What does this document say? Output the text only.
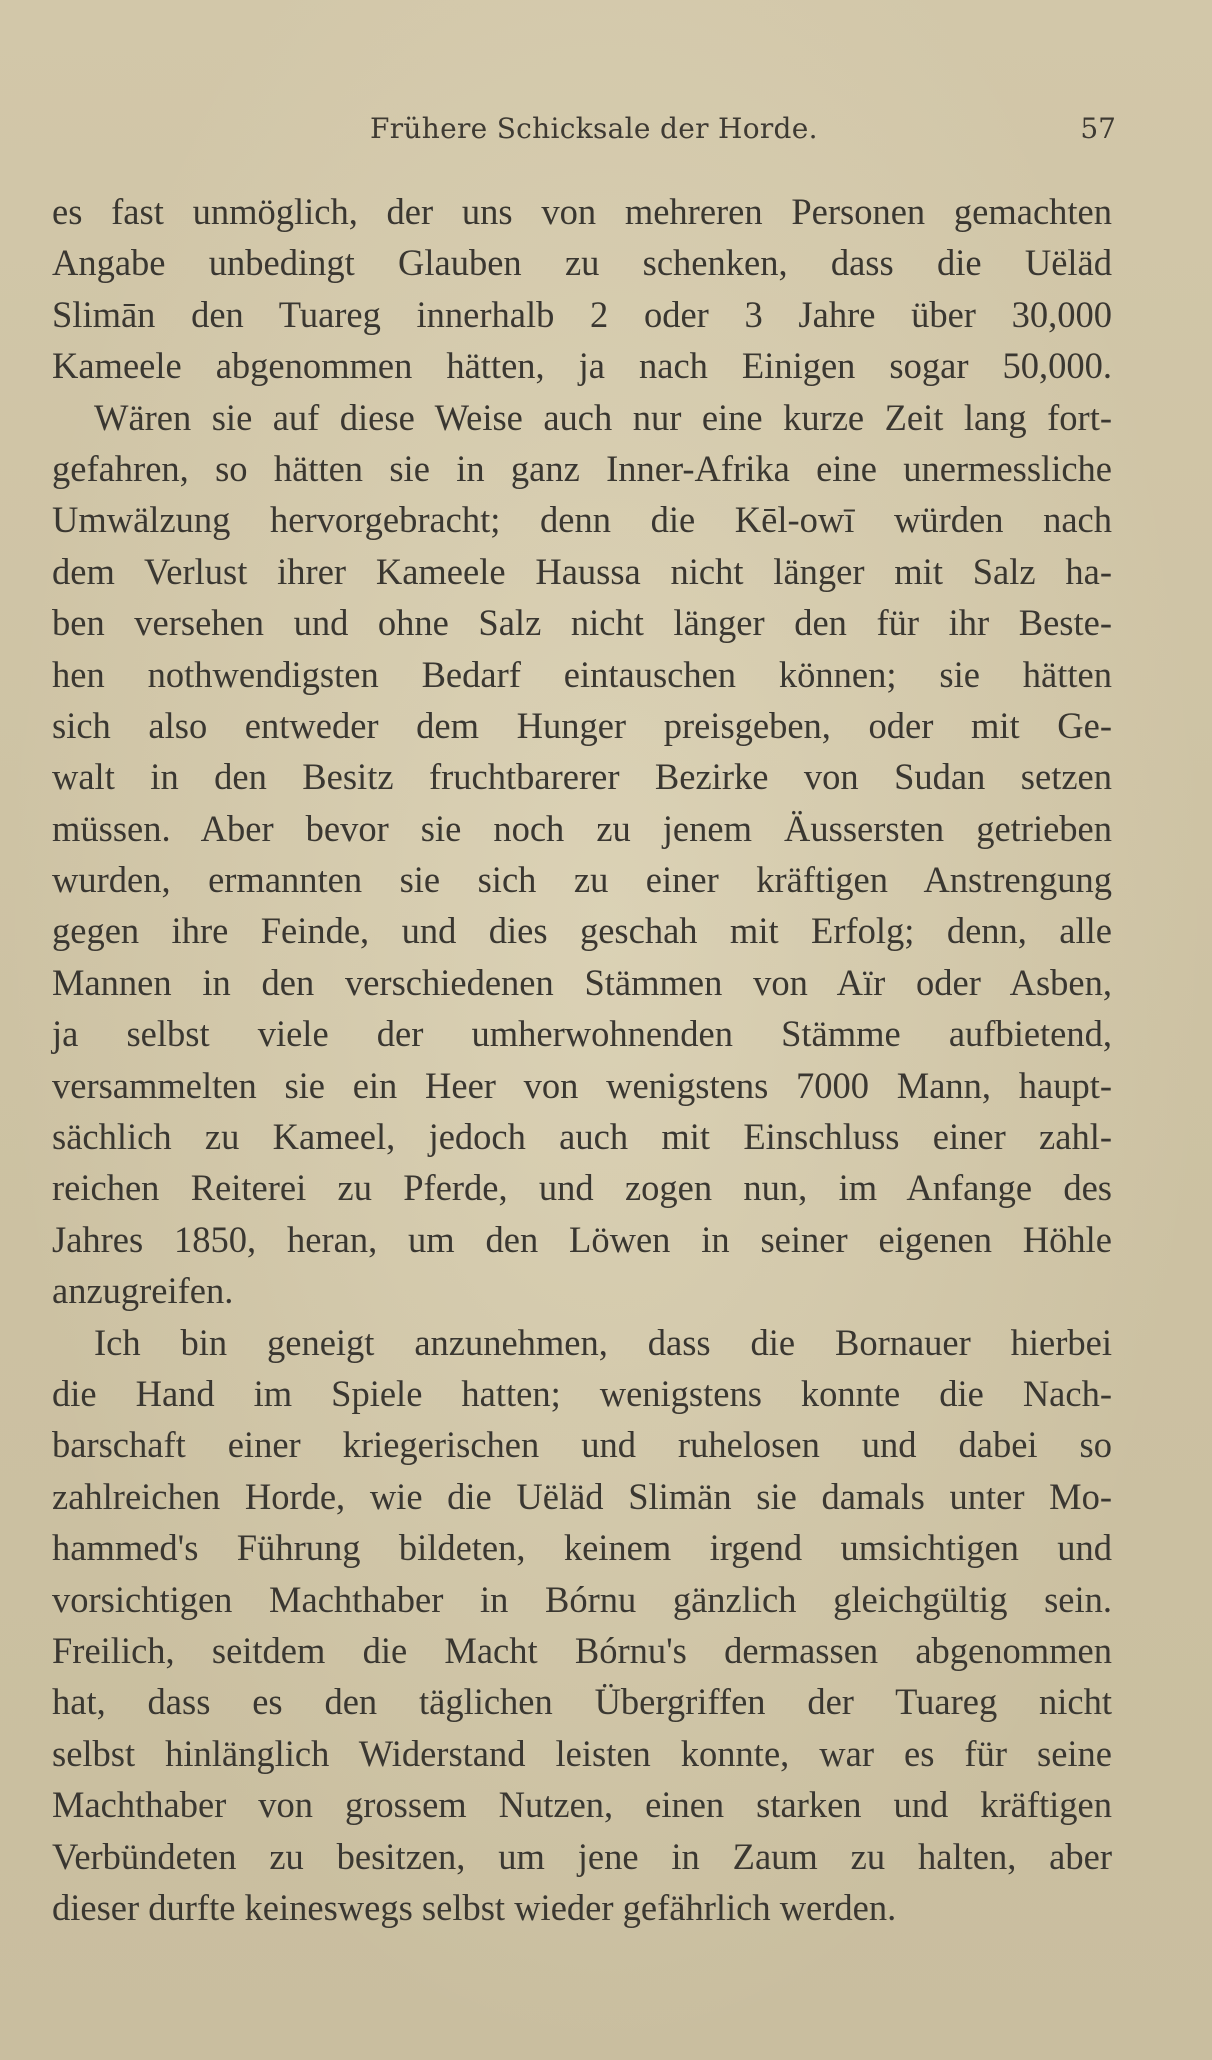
Frühere Schicksale der Horde.	57
es fast unmöglich, der uns von mehreren Personen gemachten
Angabe unbedingt Glauben zu schenken, dass die Uëläd
Slimān den Tuareg innerhalb 2 oder 3 Jahre über 30,000
Kameele abgenommen hätten, ja nach Einigen sogar 50,000.
Wären sie auf diese Weise auch nur eine kurze Zeit lang fort-
gefahren, so hätten sie in ganz Inner-Afrika eine unermessliche
Umwälzung hervorgebracht; denn die Kēl-owī würden nach
dem Verlust ihrer Kameele Haussa nicht länger mit Salz ha-
ben versehen und ohne Salz nicht länger den für ihr Beste-
hen nothwendigsten Bedarf eintauschen können; sie hätten
sich also entweder dem Hunger preisgeben, oder mit Ge-
walt in den Besitz fruchtbarerer Bezirke von Sudan setzen
müssen. Aber bevor sie noch zu jenem Äussersten getrieben
wurden, ermannten sie sich zu einer kräftigen Anstrengung
gegen ihre Feinde, und dies geschah mit Erfolg; denn, alle
Mannen in den verschiedenen Stämmen von Aïr oder Asben,
ja selbst viele der umherwohnenden Stämme aufbietend,
versammelten sie ein Heer von wenigstens 7000 Mann, haupt-
sächlich zu Kameel, jedoch auch mit Einschluss einer zahl-
reichen Reiterei zu Pferde, und zogen nun, im Anfange des
Jahres 1850, heran, um den Löwen in seiner eigenen Höhle
anzugreifen.
Ich bin geneigt anzunehmen, dass die Bornauer hierbei
die Hand im Spiele hatten; wenigstens konnte die Nach-
barschaft einer kriegerischen und ruhelosen und dabei so
zahlreichen Horde, wie die Uëläd Slimän sie damals unter Mo-
hammed's Führung bildeten, keinem irgend umsichtigen und
vorsichtigen Machthaber in Bórnu gänzlich gleichgültig sein.
Freilich, seitdem die Macht Bórnu's dermassen abgenommen
hat, dass es den täglichen Übergriffen der Tuareg nicht
selbst hinlänglich Widerstand leisten konnte, war es für seine
Machthaber von grossem Nutzen, einen starken und kräftigen
Verbündeten zu besitzen, um jene in Zaum zu halten, aber
dieser durfte keineswegs selbst wieder gefährlich werden.
